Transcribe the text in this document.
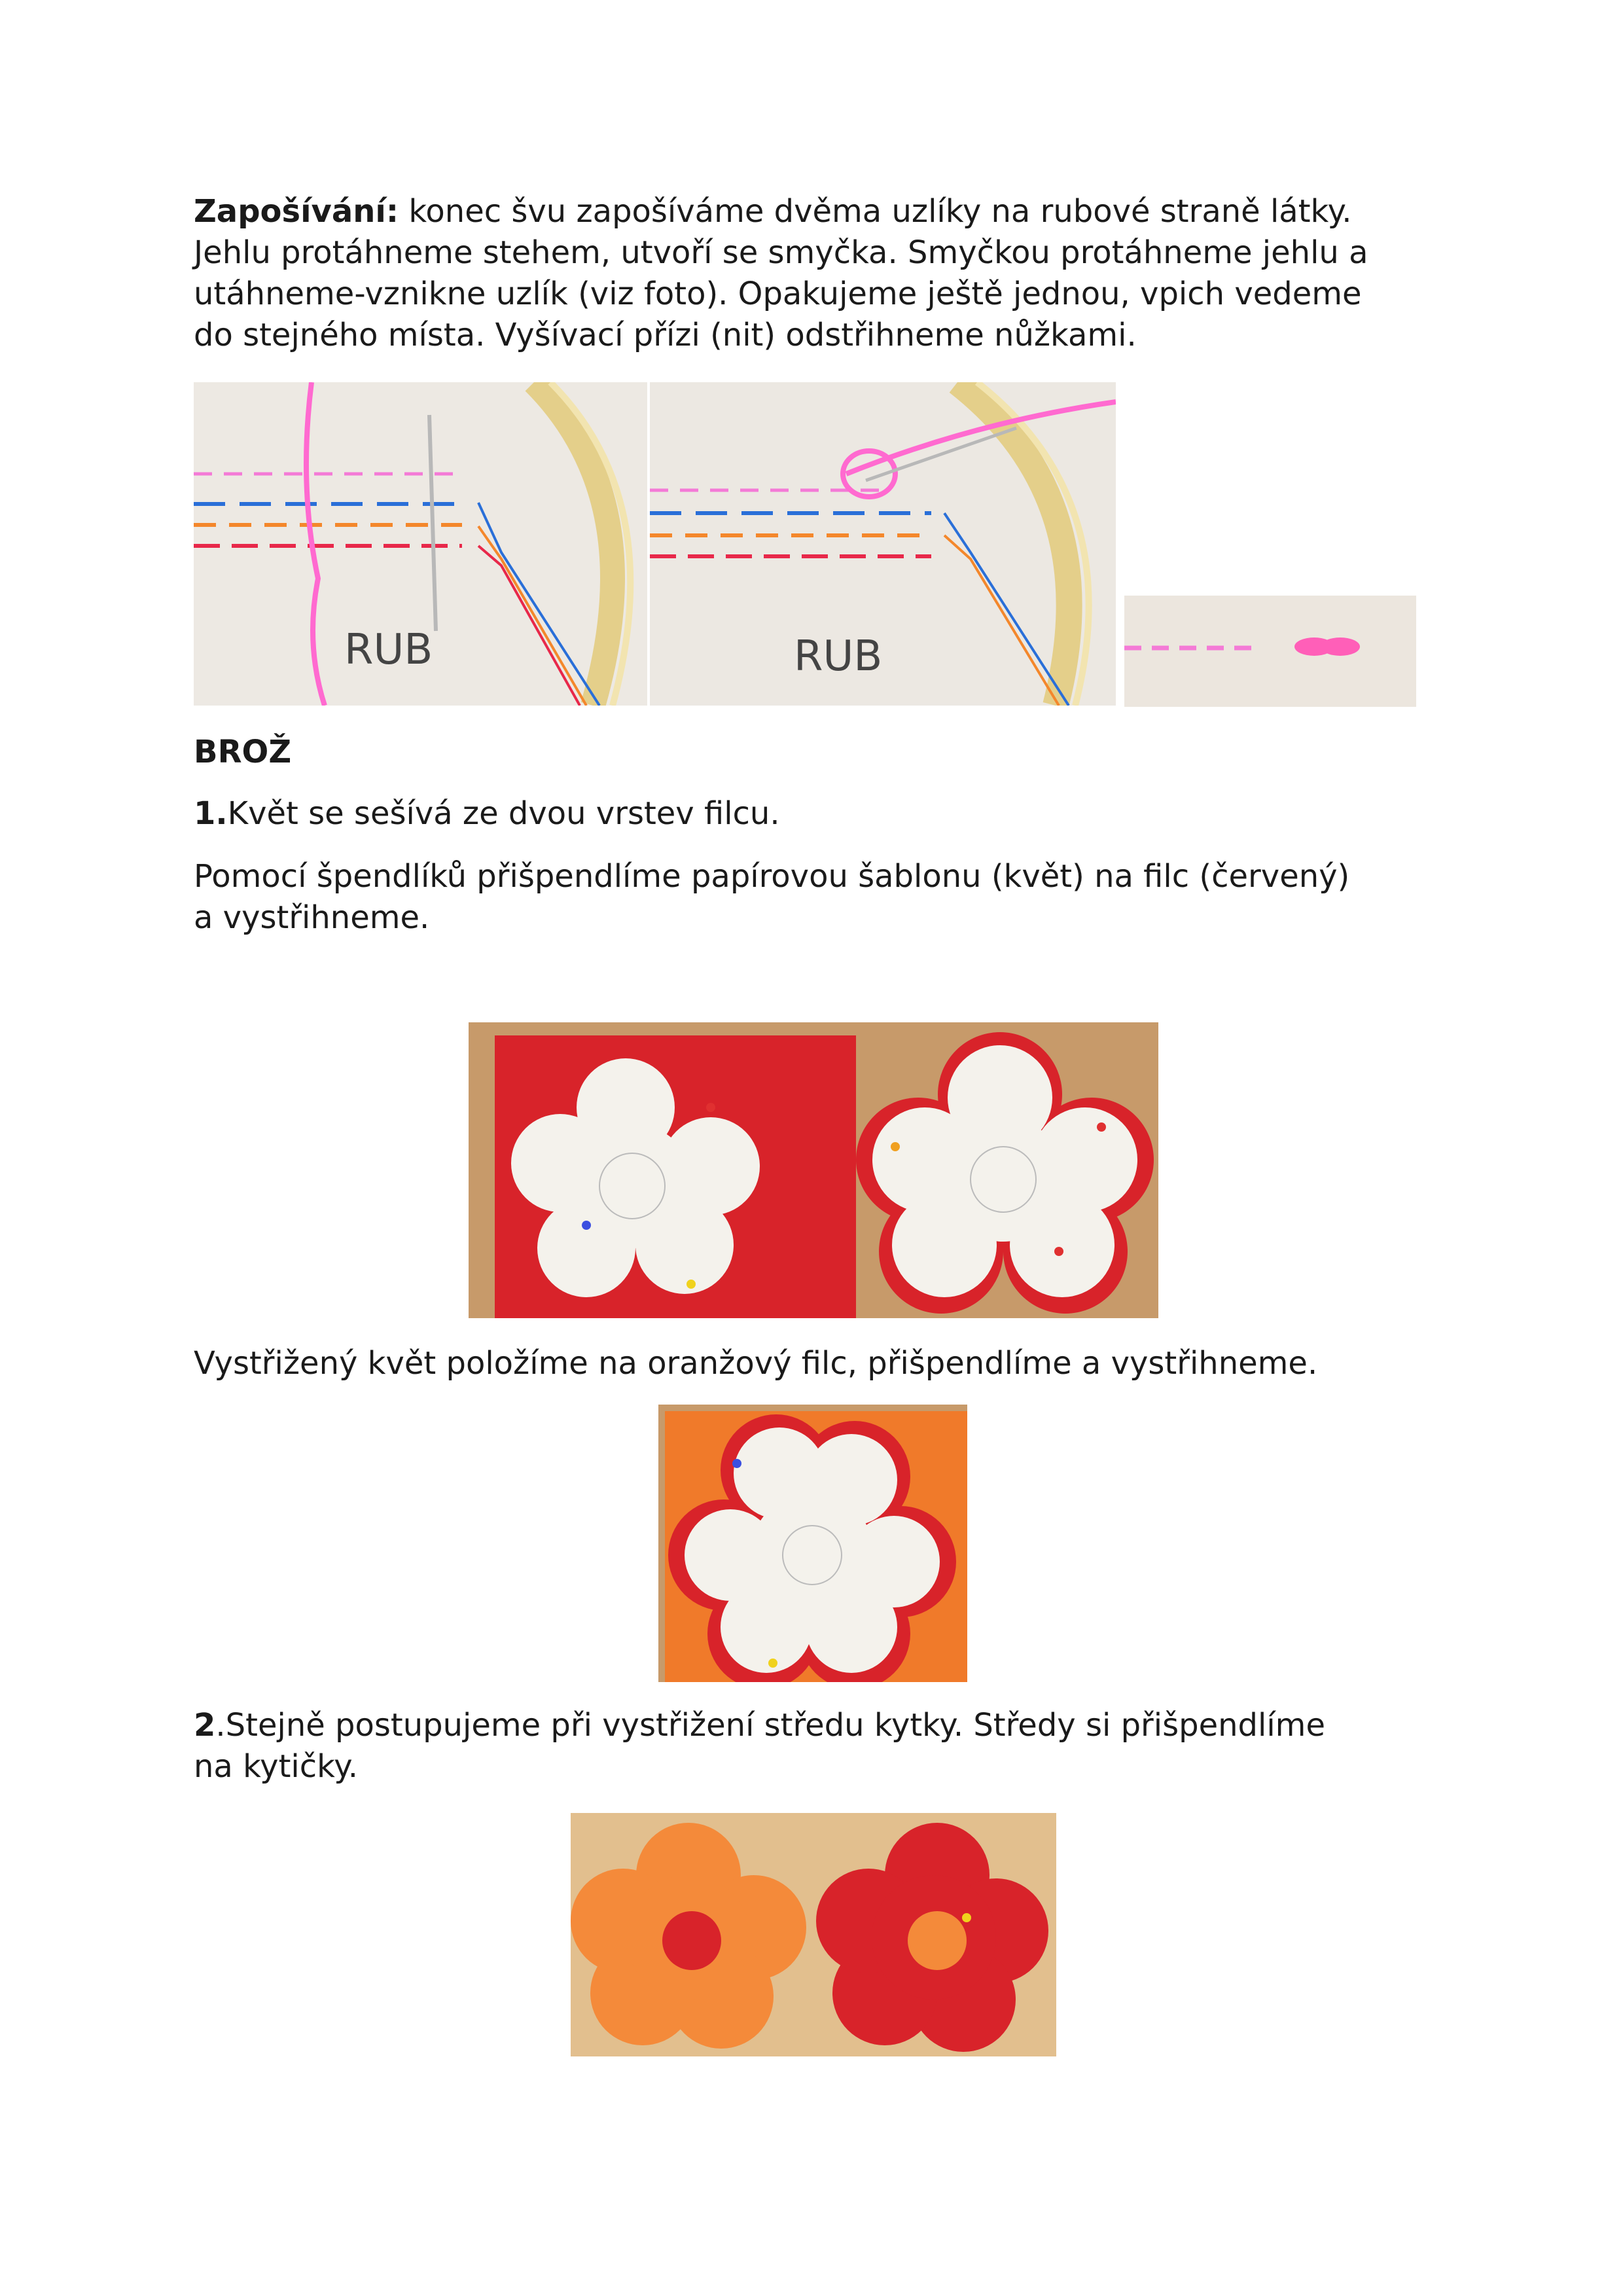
Zapošívání: konec švu zapošíváme dvěma uzlíky na rubové straně látky.

Jehlu protáhneme stehem, utvoří se smyčka. Smyčkou protáhneme jehlu a

utáhneme-vznikne uzlík (viz foto). Opakujeme ještě jednou, vpich vedeme

do stejného místa. Vyšívací přízi (nit) odstřihneme nůžkami.

RUB	RUB

BROŽ

1.Květ se sešívá ze dvou vrstev filcu.

Pomocí špendlíků přišpendlíme papírovou šablonu (květ) na filc (červený)

a vystřihneme.

Vystřižený květ položíme na oranžový filc, přišpendlíme a vystřihneme.

2.Stejně postupujeme při vystřižení středu kytky. Středy si přišpendlíme

na kytičky.
